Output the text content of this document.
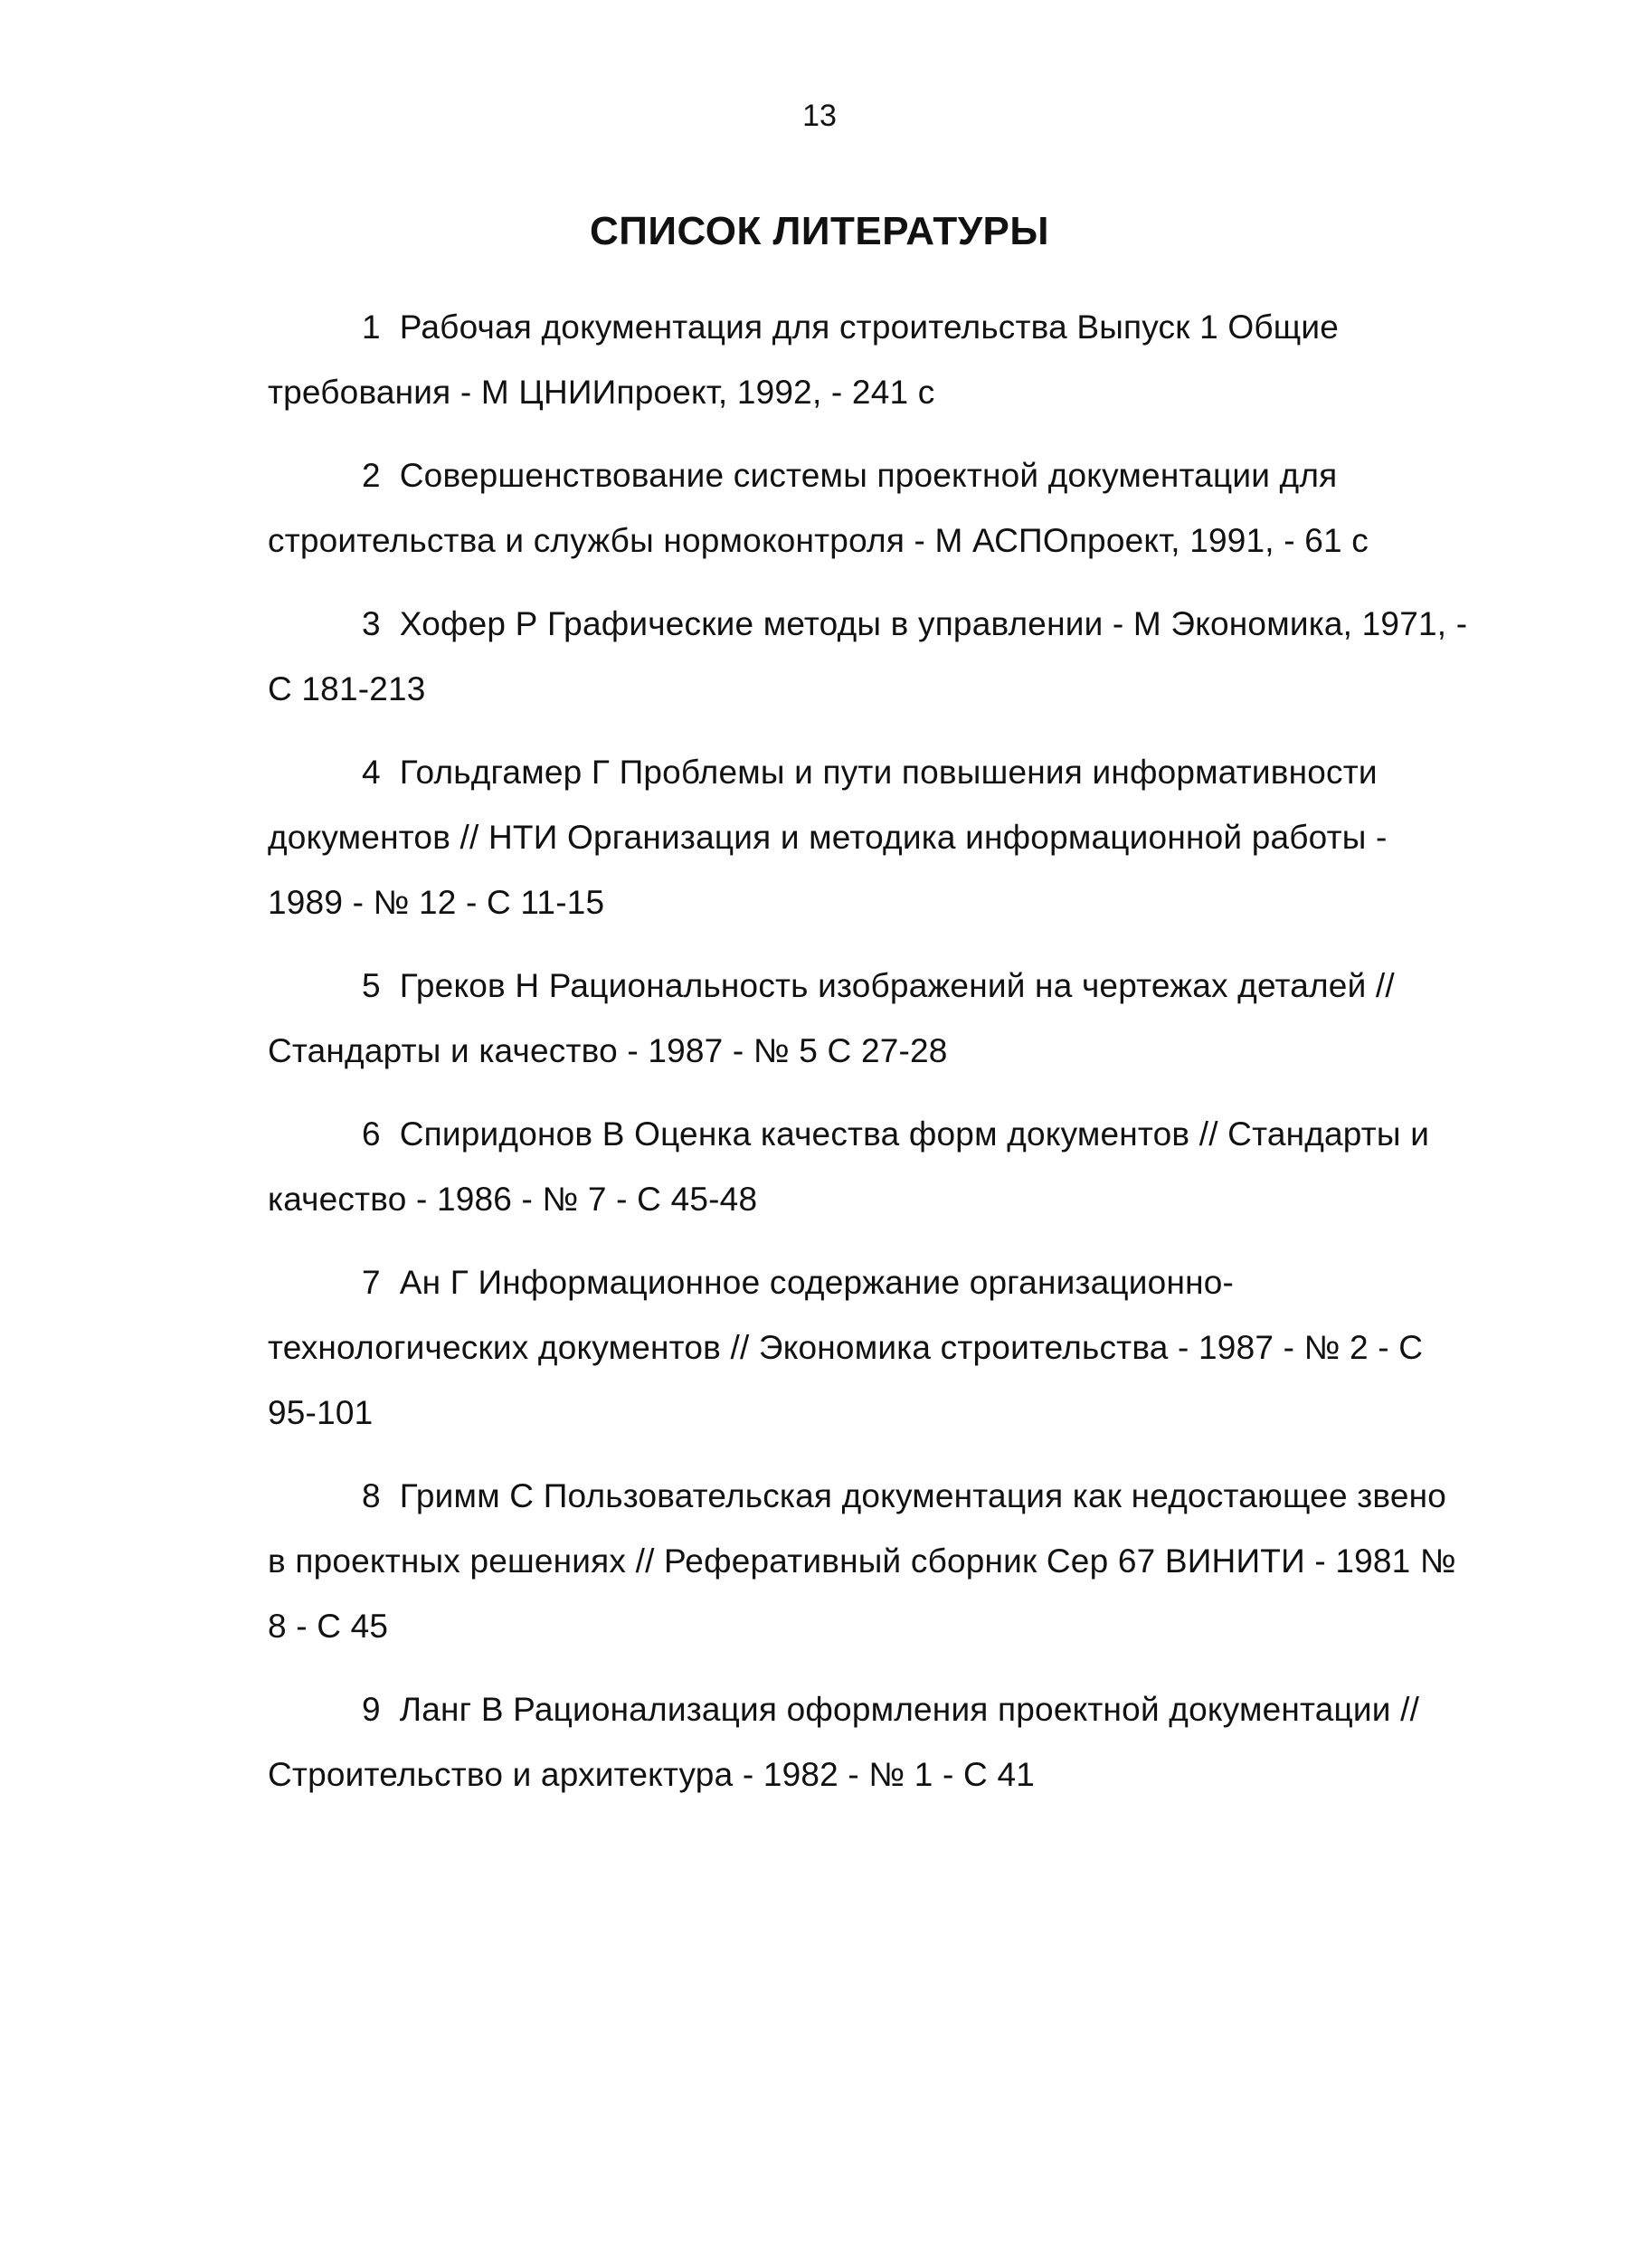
13
СПИСОК ЛИТЕРАТУРЫ
1 Рабочая документация для строительства Выпуск 1 Общие требования - М ЦНИИпроект, 1992, - 241 с
2 Совершенствование системы проектной документации для строительства и службы нормоконтроля - М АСПОпроект, 1991, - 61 с
3 Хофер Р Графические методы в управлении - М Экономика, 1971, - С 181-213
4 Гольдгамер Г Проблемы и пути повышения информативности документов // НТИ Организация и методика информационной работы - 1989 - № 12 - С 11-15
5 Греков Н Рациональность изображений на чертежах деталей // Стандарты и качество - 1987 - № 5 С 27-28
6 Спиридонов В Оценка качества форм документов // Стандарты и качество - 1986 - № 7 - С 45-48
7 Ан Г Информационное содержание организационно-технологических документов // Экономика строительства - 1987 - № 2 - С 95-101
8 Гримм С Пользовательская документация как недостающее звено в проектных решениях // Реферативный сборник Сер 67 ВИНИТИ - 1981 № 8 - С 45
9 Ланг В Рационализация оформления проектной документации //Строительство и архитектура - 1982 - № 1 - С 41
